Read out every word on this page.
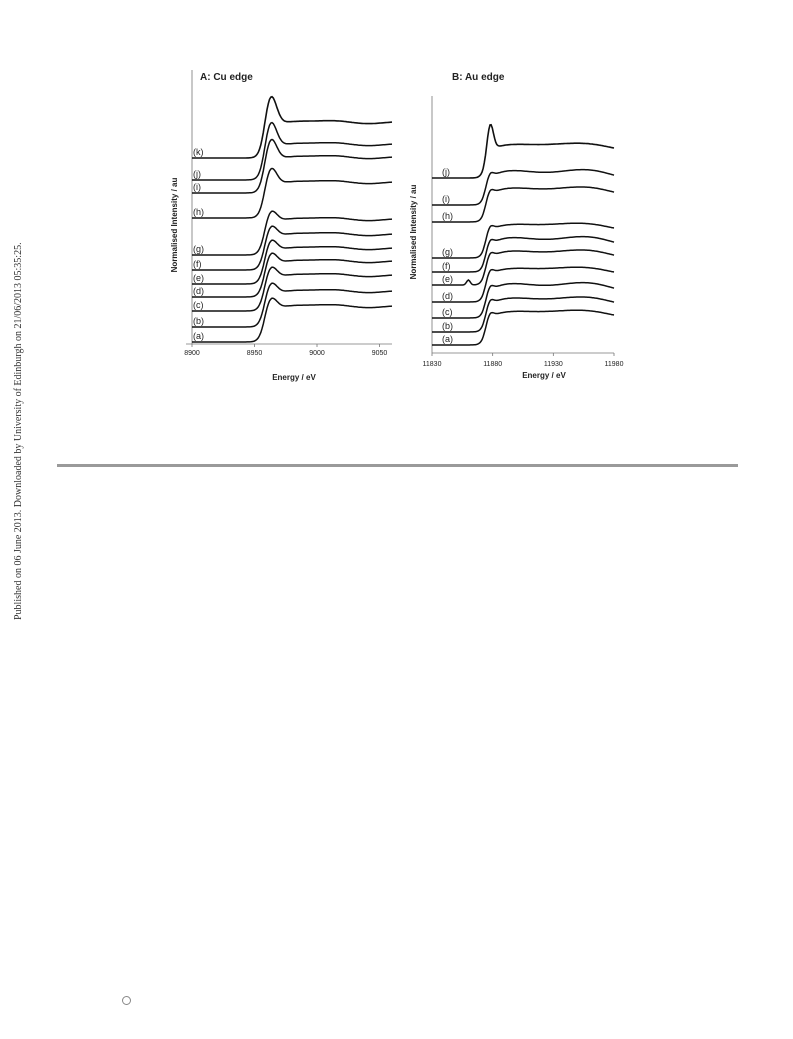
Published on 06 June 2013. Downloaded by University of Edinburgh on 21/06/2013 05:35:25.
A: Cu edge
Energy / eV
Normalised Intensity / au
8900	8950	9000	9050
(a)
(b)
(c)
(d)
(e)
(f)
(g)
(h)
(i)
(j)
(k)
B: Au edge
Energy / eV
Normalised Intensity / au
11830	11880	11930	11980
(a)
(b)
(c)
(d)
(e)
(f)
(g)
(h)
(i)
(j)
